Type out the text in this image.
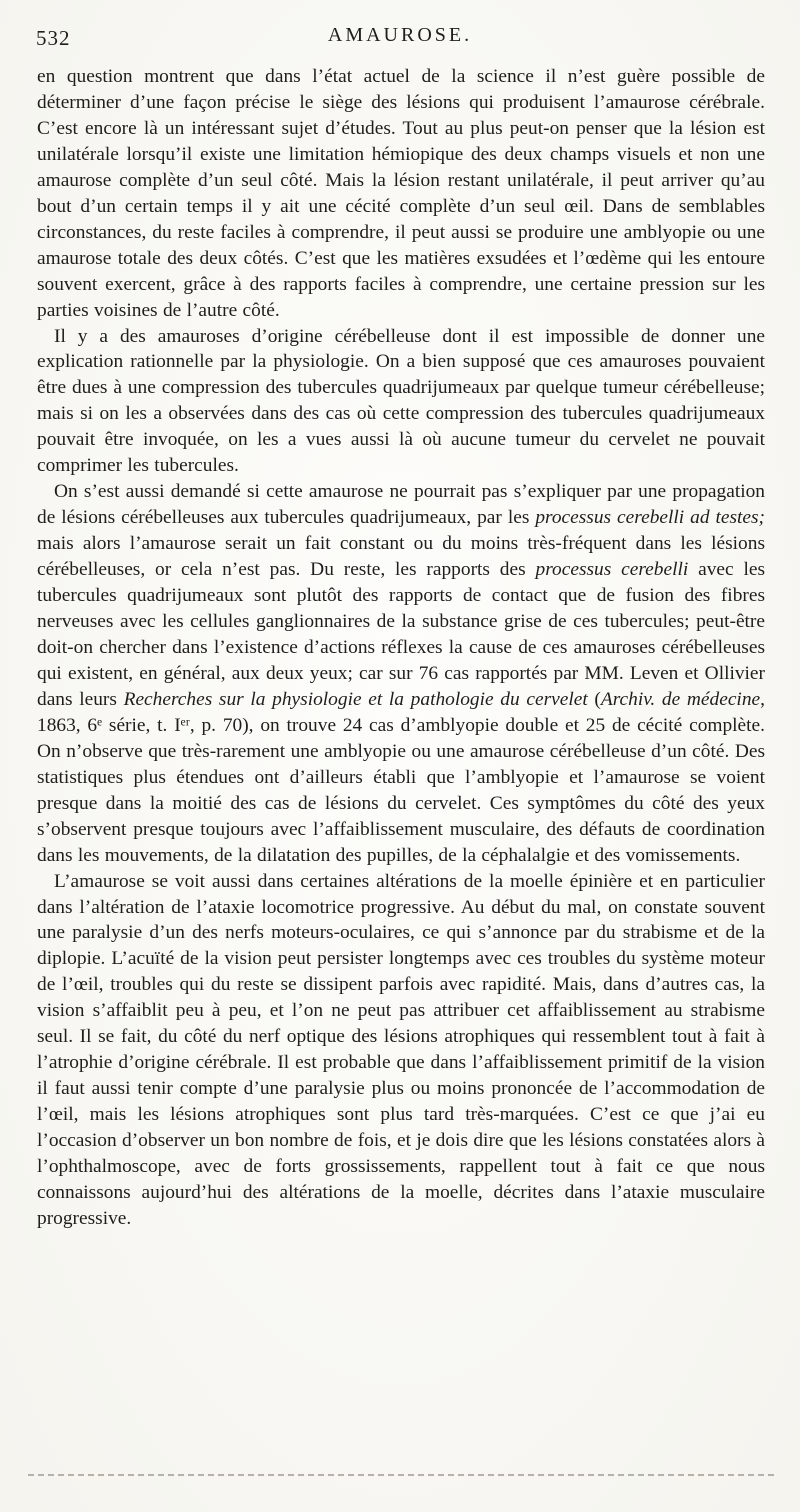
532	AMAUROSE.

en question montrent que dans l’état actuel de la science il n’est guère possible de déterminer d’une façon précise le siège des lésions qui produisent l’amaurose cérébrale. C’est encore là un intéressant sujet d’études. Tout au plus peut-on penser que la lésion est unilatérale lorsqu’il existe une limitation hémiopique des deux champs visuels et non une amaurose complète d’un seul côté. Mais la lésion restant unilatérale, il peut arriver qu’au bout d’un certain temps il y ait une cécité complète d’un seul œil. Dans de semblables circonstances, du reste faciles à comprendre, il peut aussi se produire une amblyopie ou une amaurose totale des deux côtés. C’est que les matières exsudées et l’œdème qui les entoure souvent exercent, grâce à des rapports faciles à comprendre, une certaine pression sur les parties voisines de l’autre côté.

Il y a des amauroses d’origine cérébelleuse dont il est impossible de donner une explication rationnelle par la physiologie. On a bien supposé que ces amauroses pouvaient être dues à une compression des tubercules quadrijumeaux par quelque tumeur cérébelleuse; mais si on les a observées dans des cas où cette compression des tubercules quadrijumeaux pouvait être invoquée, on les a vues aussi là où aucune tumeur du cervelet ne pouvait comprimer les tubercules.

On s’est aussi demandé si cette amaurose ne pourrait pas s’expliquer par une propagation de lésions cérébelleuses aux tubercules quadrijumeaux, par les processus cerebelli ad testes; mais alors l’amaurose serait un fait constant ou du moins très-fréquent dans les lésions cérébelleuses, or cela n’est pas. Du reste, les rapports des processus cerebelli avec les tubercules quadrijumeaux sont plutôt des rapports de contact que de fusion des fibres nerveuses avec les cellules ganglionnaires de la substance grise de ces tubercules; peut-être doit-on chercher dans l’existence d’actions réflexes la cause de ces amauroses cérébelleuses qui existent, en général, aux deux yeux; car sur 76 cas rapportés par MM. Leven et Ollivier dans leurs Recherches sur la physiologie et la pathologie du cervelet (Archiv. de médecine, 1863, 6ᵉ série, t. Iᵉʳ, p. 70), on trouve 24 cas d’amblyopie double et 25 de cécité complète. On n’observe que très-rarement une amblyopie ou une amaurose cérébelleuse d’un côté. Des statistiques plus étendues ont d’ailleurs établi que l’amblyopie et l’amaurose se voient presque dans la moitié des cas de lésions du cervelet. Ces symptômes du côté des yeux s’observent presque toujours avec l’affaiblissement musculaire, des défauts de coordination dans les mouvements, de la dilatation des pupilles, de la céphalalgie et des vomissements.

L’amaurose se voit aussi dans certaines altérations de la moelle épinière et en particulier dans l’altération de l’ataxie locomotrice progressive. Au début du mal, on constate souvent une paralysie d’un des nerfs moteurs-oculaires, ce qui s’annonce par du strabisme et de la diplopie. L’acuïté de la vision peut persister longtemps avec ces troubles du système moteur de l’œil, troubles qui du reste se dissipent parfois avec rapidité. Mais, dans d’autres cas, la vision s’affaiblit peu à peu, et l’on ne peut pas attribuer cet affaiblissement au strabisme seul. Il se fait, du côté du nerf optique des lésions atrophiques qui ressemblent tout à fait à l’atrophie d’origine cérébrale. Il est probable que dans l’affaiblissement primitif de la vision il faut aussi tenir compte d’une paralysie plus ou moins prononcée de l’accommodation de l’œil, mais les lésions atrophiques sont plus tard très-marquées. C’est ce que j’ai eu l’occasion d’observer un bon nombre de fois, et je dois dire que les lésions constatées alors à l’ophthalmoscope, avec de forts grossissements, rappellent tout à fait ce que nous connaissons aujourd’hui des altérations de la moelle, décrites dans l’ataxie musculaire progressive.
